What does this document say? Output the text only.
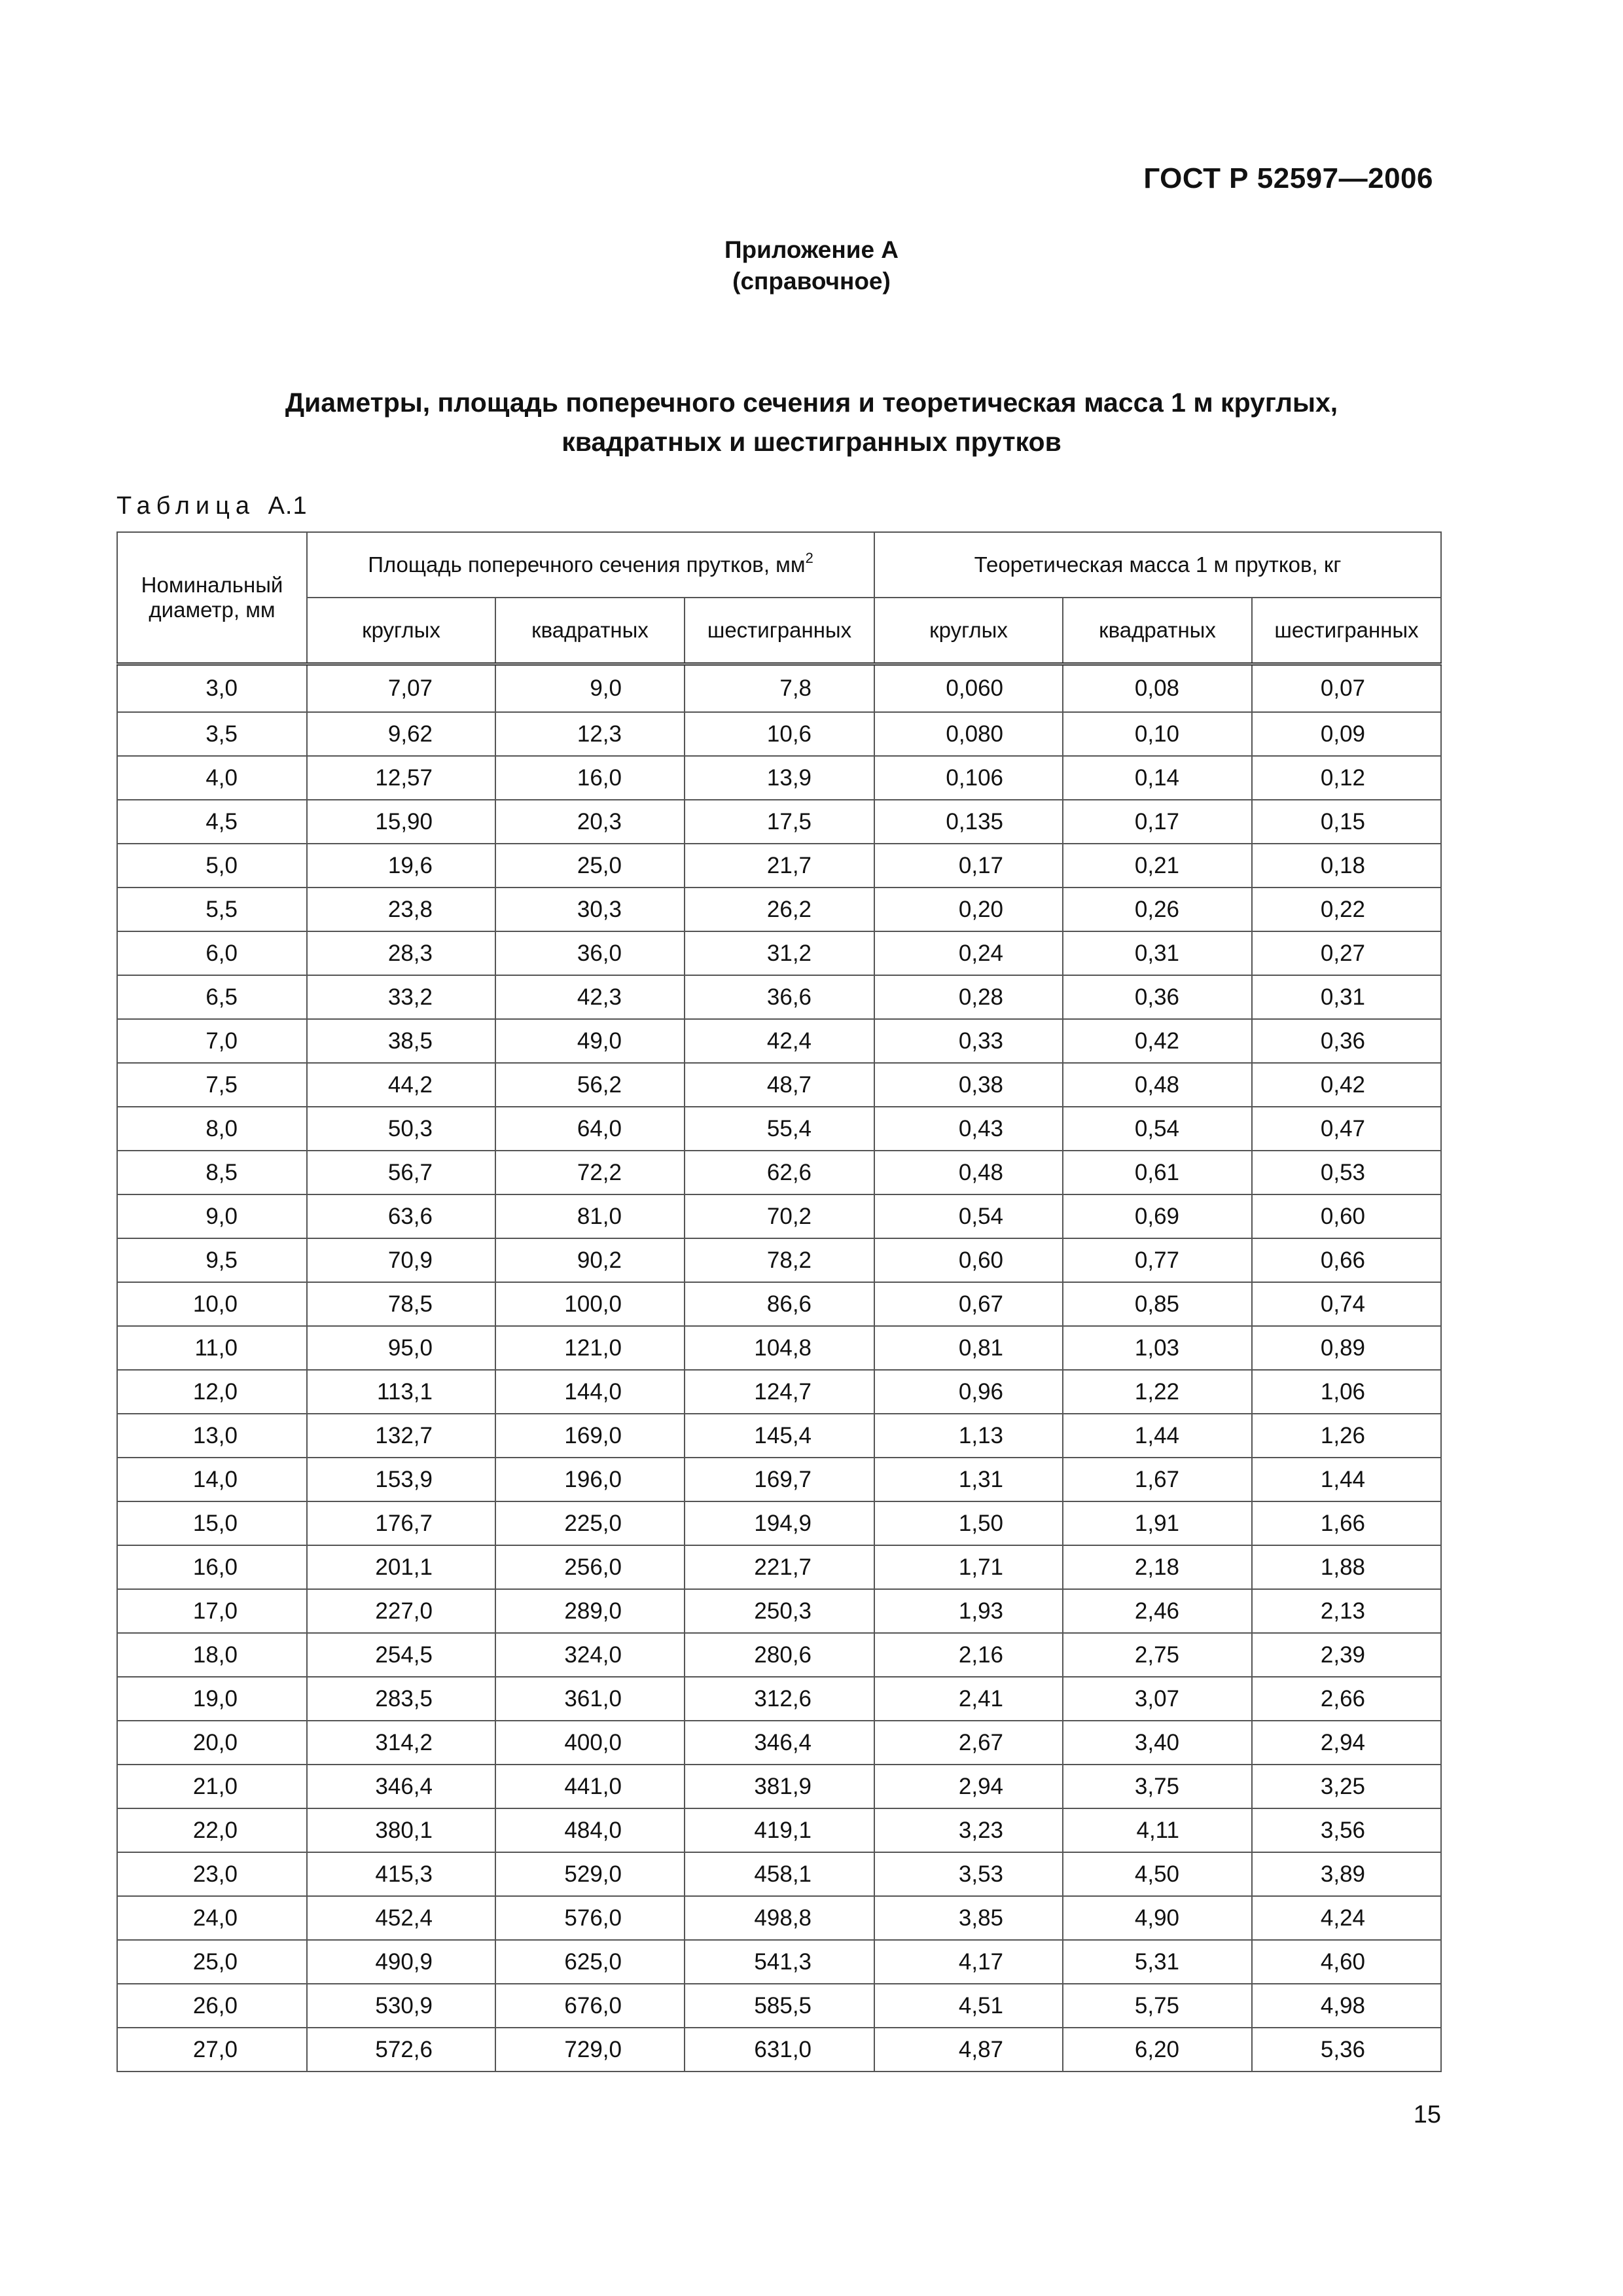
ГОСТ Р 52597—2006
Приложение А
(справочное)
Диаметры, площадь поперечного сечения и теоретическая масса 1 м круглых,
квадратных и шестигранных прутков
Таблица А.1
Номинальный диаметр, мм	Площадь поперечного сечения прутков, $мм^2$			Теоретическая масса 1 м прутков, кг		
	круглых	квадратных	шестигранных	круглых	квадратных	шестигранных
3,0	7,07	9,0	7,8	0,060	0,08	0,07
3,5	9,62	12,3	10,6	0,080	0,10	0,09
4,0	12,57	16,0	13,9	0,106	0,14	0,12
4,5	15,90	20,3	17,5	0,135	0,17	0,15
5,0	19,6	25,0	21,7	0,17	0,21	0,18
5,5	23,8	30,3	26,2	0,20	0,26	0,22
6,0	28,3	36,0	31,2	0,24	0,31	0,27
6,5	33,2	42,3	36,6	0,28	0,36	0,31
7,0	38,5	49,0	42,4	0,33	0,42	0,36
7,5	44,2	56,2	48,7	0,38	0,48	0,42
8,0	50,3	64,0	55,4	0,43	0,54	0,47
8,5	56,7	72,2	62,6	0,48	0,61	0,53
9,0	63,6	81,0	70,2	0,54	0,69	0,60
9,5	70,9	90,2	78,2	0,60	0,77	0,66
10,0	78,5	100,0	86,6	0,67	0,85	0,74
11,0	95,0	121,0	104,8	0,81	1,03	0,89
12,0	113,1	144,0	124,7	0,96	1,22	1,06
13,0	132,7	169,0	145,4	1,13	1,44	1,26
14,0	153,9	196,0	169,7	1,31	1,67	1,44
15,0	176,7	225,0	194,9	1,50	1,91	1,66
16,0	201,1	256,0	221,7	1,71	2,18	1,88
17,0	227,0	289,0	250,3	1,93	2,46	2,13
18,0	254,5	324,0	280,6	2,16	2,75	2,39
19,0	283,5	361,0	312,6	2,41	3,07	2,66
20,0	314,2	400,0	346,4	2,67	3,40	2,94
21,0	346,4	441,0	381,9	2,94	3,75	3,25
22,0	380,1	484,0	419,1	3,23	4,11	3,56
23,0	415,3	529,0	458,1	3,53	4,50	3,89
24,0	452,4	576,0	498,8	3,85	4,90	4,24
25,0	490,9	625,0	541,3	4,17	5,31	4,60
26,0	530,9	676,0	585,5	4,51	5,75	4,98
27,0	572,6	729,0	631,0	4,87	6,20	5,36
15
